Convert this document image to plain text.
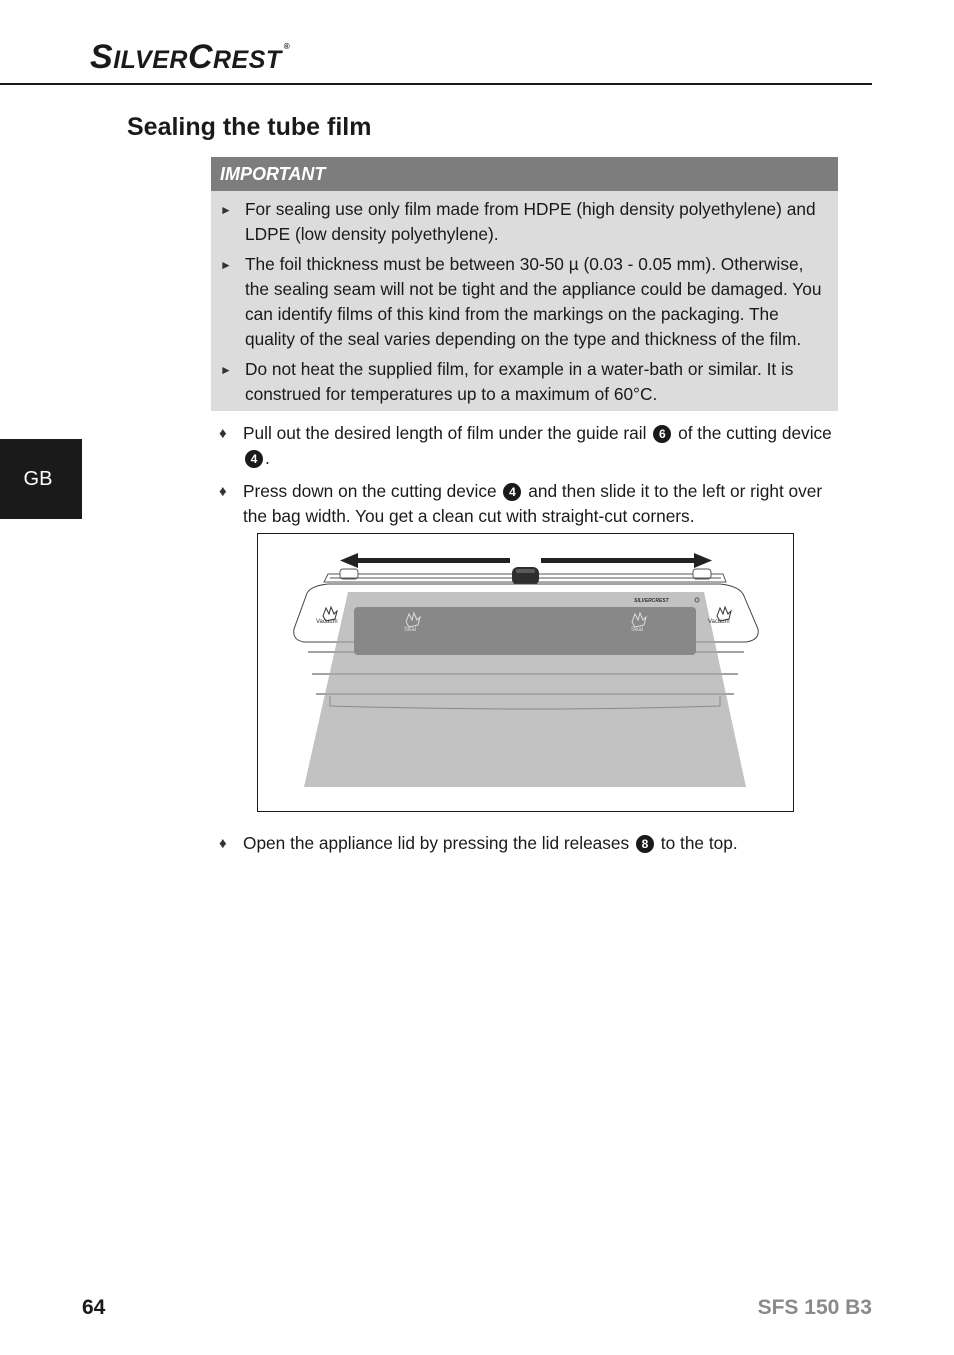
SILVERCREST ®
Sealing the tube film
IMPORTANT
► For sealing use only film made from HDPE (high density polyethylene) and LDPE (low density polyethylene).
► The foil thickness must be between 30-50 µ (0.03 - 0.05 mm). Otherwise, the sealing seam will not be tight and the appliance could be damaged. You can identify films of this kind from the markings on the packaging. The quality of the seal varies depending on the type and thickness of the film.
► Do not heat the supplied film, for example in a water-bath or similar. It is construed for temperatures up to a maximum of 60°C.
♦ Pull out the desired length of film under the guide rail 6 of the cutting device 4 .
♦ Press down on the cutting device 4 and then slide it to the left or right over the bag width. You get a clean cut with straight-cut corners.
Vacuum	Vacuum
Seal	Seal
SILVERCREST
♦ Open the appliance lid by pressing the lid releases 8 to the top.
GB
64	SFS 150 B3
